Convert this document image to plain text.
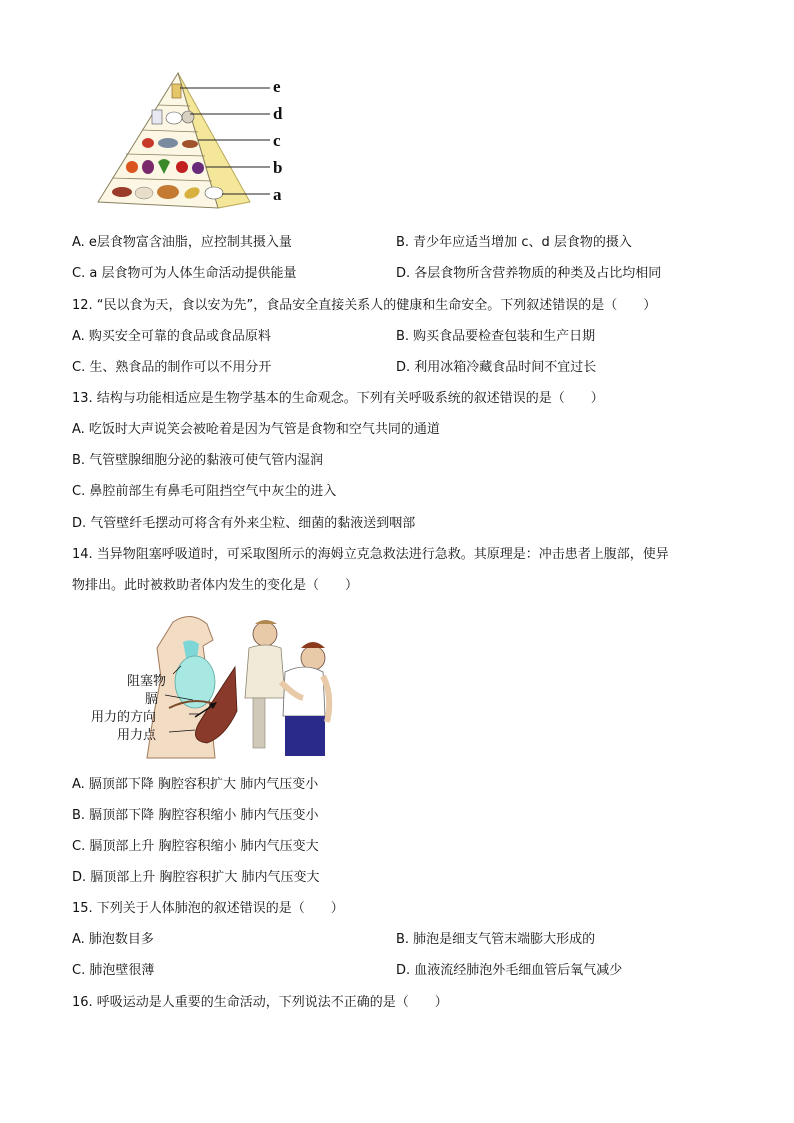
e
d
c
b
a
A. e层食物富含油脂，应控制其摄入量	B. 青少年应适当增加 c、d 层食物的摄入
C. a 层食物可为人体生命活动提供能量	D. 各层食物所含营养物质的种类及占比均相同
12. “民以食为天，食以安为先”，食品安全直接关系人的健康和生命安全。下列叙述错误的是（　　）
A. 购买安全可靠的食品或食品原料	B. 购买食品要检查包装和生产日期
C. 生、熟食品的制作可以不用分开	D. 利用冰箱冷藏食品时间不宜过长
13. 结构与功能相适应是生物学基本的生命观念。下列有关呼吸系统的叙述错误的是（　　）
A. 吃饭时大声说笑会被呛着是因为气管是食物和空气共同的通道
B. 气管壁腺细胞分泌的黏液可使气管内湿润
C. 鼻腔前部生有鼻毛可阻挡空气中灰尘的进入
D. 气管壁纤毛摆动可将含有外来尘粒、细菌的黏液送到咽部
14. 当异物阻塞呼吸道时，可采取图所示的海姆立克急救法进行急救。其原理是：冲击患者上腹部，使异
物排出。此时被救助者体内发生的变化是（　　）
阻塞物
膈
用力的方向
用力点
A. 膈顶部下降 胸腔容积扩大 肺内气压变小
B. 膈顶部下降 胸腔容积缩小 肺内气压变小
C. 膈顶部上升 胸腔容积缩小 肺内气压变大
D. 膈顶部上升 胸腔容积扩大 肺内气压变大
15. 下列关于人体肺泡的叙述错误的是（　　）
A. 肺泡数目多	B. 肺泡是细支气管末端膨大形成的
C. 肺泡壁很薄	D. 血液流经肺泡外毛细血管后氧气减少
16. 呼吸运动是人重要的生命活动，下列说法不正确的是（　　）
